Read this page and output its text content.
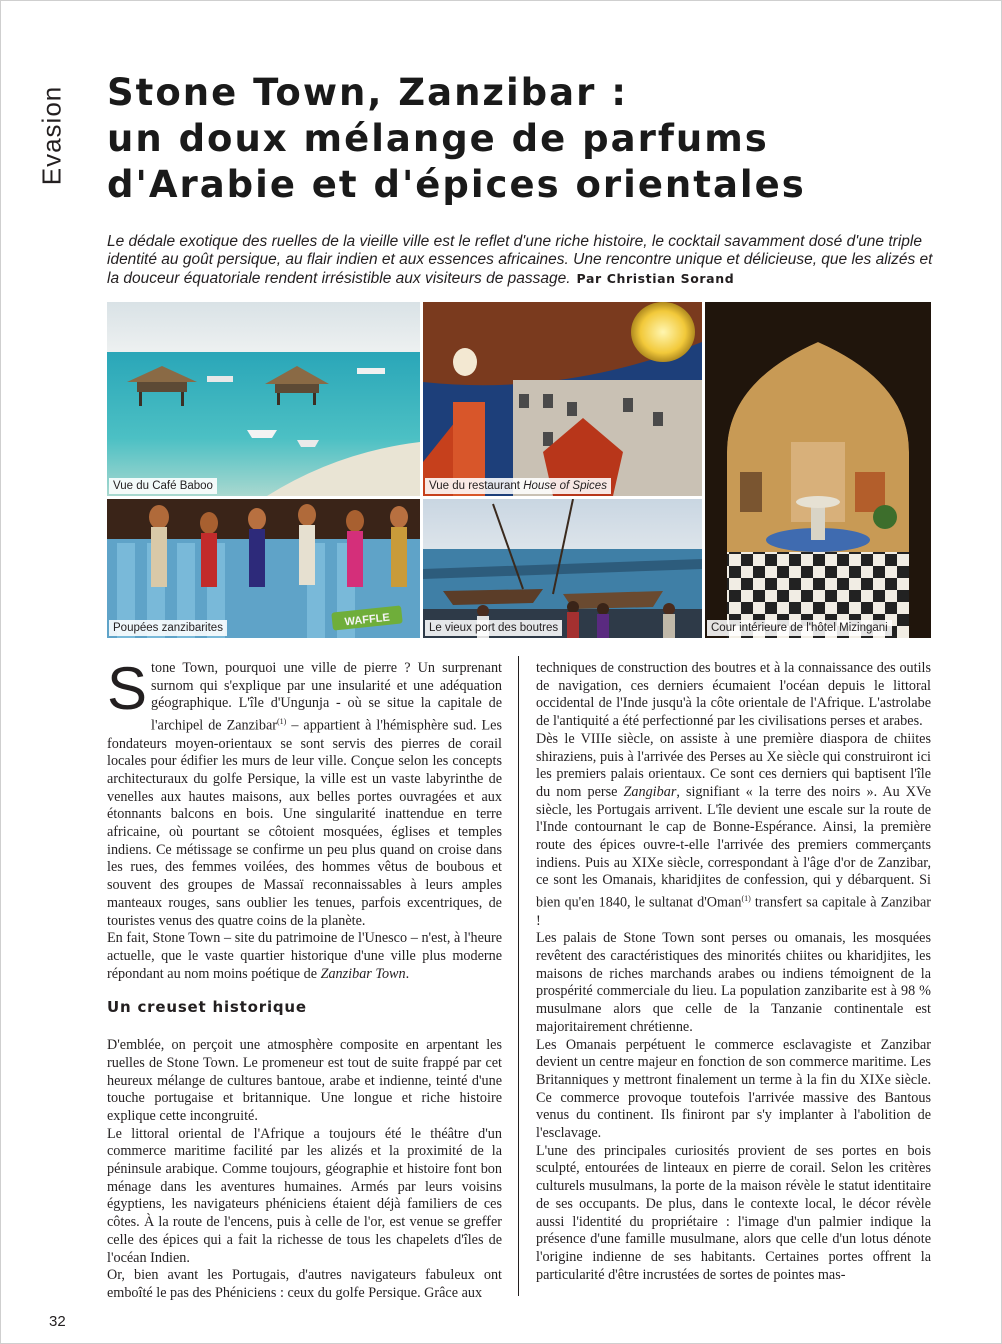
Evasion Stone Town, Zanzibar :
un doux mélange de parfums
d'Arabie et d'épices orientales

Le dédale exotique des ruelles de la vieille ville est le reflet d'une riche histoire, le cocktail savamment dosé d'une triple identité au goût persique, au flair indien et aux essences africaines. Une rencontre unique et délicieuse, que les alizés et la douceur équatoriale rendent irrésistible aux visiteurs de passage. Par Christian Sorand

Vue du Café Baboo	Vue du restaurant House of Spices
Cour intérieure de l'hôtel Mizingani
WAFFLE
Poupées zanzibarites	Le vieux port des boutres

Stone Town, pourquoi une ville de pierre ? Un surprenant surnom qui s'explique par une insularité et une adéquation géographique. L'île d'Ungunja - où se situe la capitale de l'archipel de Zanzibar$^{(1)}$ – appartient à l'hémisphère sud. Les fondateurs moyen-orientaux se sont servis des pierres de corail locales pour édifier les murs de leur ville. Conçue selon les concepts architecturaux du golfe Persique, la ville est un vaste labyrinthe de venelles aux hautes maisons, aux belles portes ouvragées et aux étonnants balcons en bois. Une singularité inattendue en terre africaine, où pourtant se côtoient mosquées, églises et temples indiens. Ce métissage se confirme un peu plus quand on croise dans les rues, des femmes voilées, des hommes vêtus de boubous et souvent des groupes de Massaï reconnaissables à leurs amples manteaux rouges, sans oublier les tenues, parfois excentriques, de touristes venus des quatre coins de la planète.

En fait, Stone Town – site du patrimoine de l'Unesco – n'est, à l'heure actuelle, que le vaste quartier historique d'une ville plus moderne répondant au nom moins poétique de Zanzibar Town.

Un creuset historique

D'emblée, on perçoit une atmosphère composite en arpentant les ruelles de Stone Town. Le promeneur est tout de suite frappé par cet heureux mélange de cultures bantoue, arabe et indienne, teinté d'une touche portugaise et britannique. Une longue et riche histoire explique cette incongruité.

Le littoral oriental de l'Afrique a toujours été le théâtre d'un commerce maritime facilité par les alizés et la proximité de la péninsule arabique. Comme toujours, géographie et histoire font bon ménage dans les aventures humaines. Armés par leurs voisins égyptiens, les navigateurs phéniciens étaient déjà familiers de ces côtes. À la route de l'encens, puis à celle de l'or, est venue se greffer celle des épices qui a fait la richesse de tous les chapelets d'îles de l'océan Indien.

Or, bien avant les Portugais, d'autres navigateurs fabuleux ont emboîté le pas des Phéniciens : ceux du golfe Persique. Grâce aux

techniques de construction des boutres et à la connaissance des outils de navigation, ces derniers écumaient l'océan depuis le littoral occidental de l'Inde jusqu'à la côte orientale de l'Afrique. L'astrolabe de l'antiquité a été perfectionné par les civilisations perses et arabes.

Dès le VIIIe siècle, on assiste à une première diaspora de chiites shiraziens, puis à l'arrivée des Perses au Xe siècle qui construiront ici les premiers palais orientaux. Ce sont ces derniers qui baptisent l'île du nom perse Zangibar, signifiant « la terre des noirs ». Au XVe siècle, les Portugais arrivent. L'île devient une escale sur la route de l'Inde contournant le cap de Bonne-Espérance. Ainsi, la première route des épices ouvre-t-elle l'arrivée des premiers commerçants indiens. Puis au XIXe siècle, correspondant à l'âge d'or de Zanzibar, ce sont les Omanais, kharidjites de confession, qui y débarquent. Si bien qu'en 1840, le sultanat d'Oman$^{(1)}$ transfert sa capitale à Zanzibar !

Les palais de Stone Town sont perses ou omanais, les mosquées revêtent des caractéristiques des minorités chiites ou kharidjites, les maisons de riches marchands arabes ou indiens témoignent de la prospérité commerciale du lieu. La population zanzibarite est à 98 % musulmane alors que celle de la Tanzanie continentale est majoritairement chrétienne.

Les Omanais perpétuent le commerce esclavagiste et Zanzibar devient un centre majeur en fonction de son commerce maritime. Les Britanniques y mettront finalement un terme à la fin du XIXe siècle. Ce commerce provoque toutefois l'arrivée massive des Bantous venus du continent. Ils finiront par s'y implanter à l'abolition de l'esclavage.

L'une des principales curiosités provient de ses portes en bois sculpté, entourées de linteaux en pierre de corail. Selon les critères culturels musulmans, la porte de la maison révèle le statut identitaire de ses occupants. De plus, dans le contexte local, le décor révèle aussi l'identité du propriétaire : l'image d'un palmier indique la présence d'une famille musulmane, alors que celle d'un lotus dénote l'origine indienne de ses habitants. Certaines portes offrent la particularité d'être incrustées de sortes de pointes mas-

32
